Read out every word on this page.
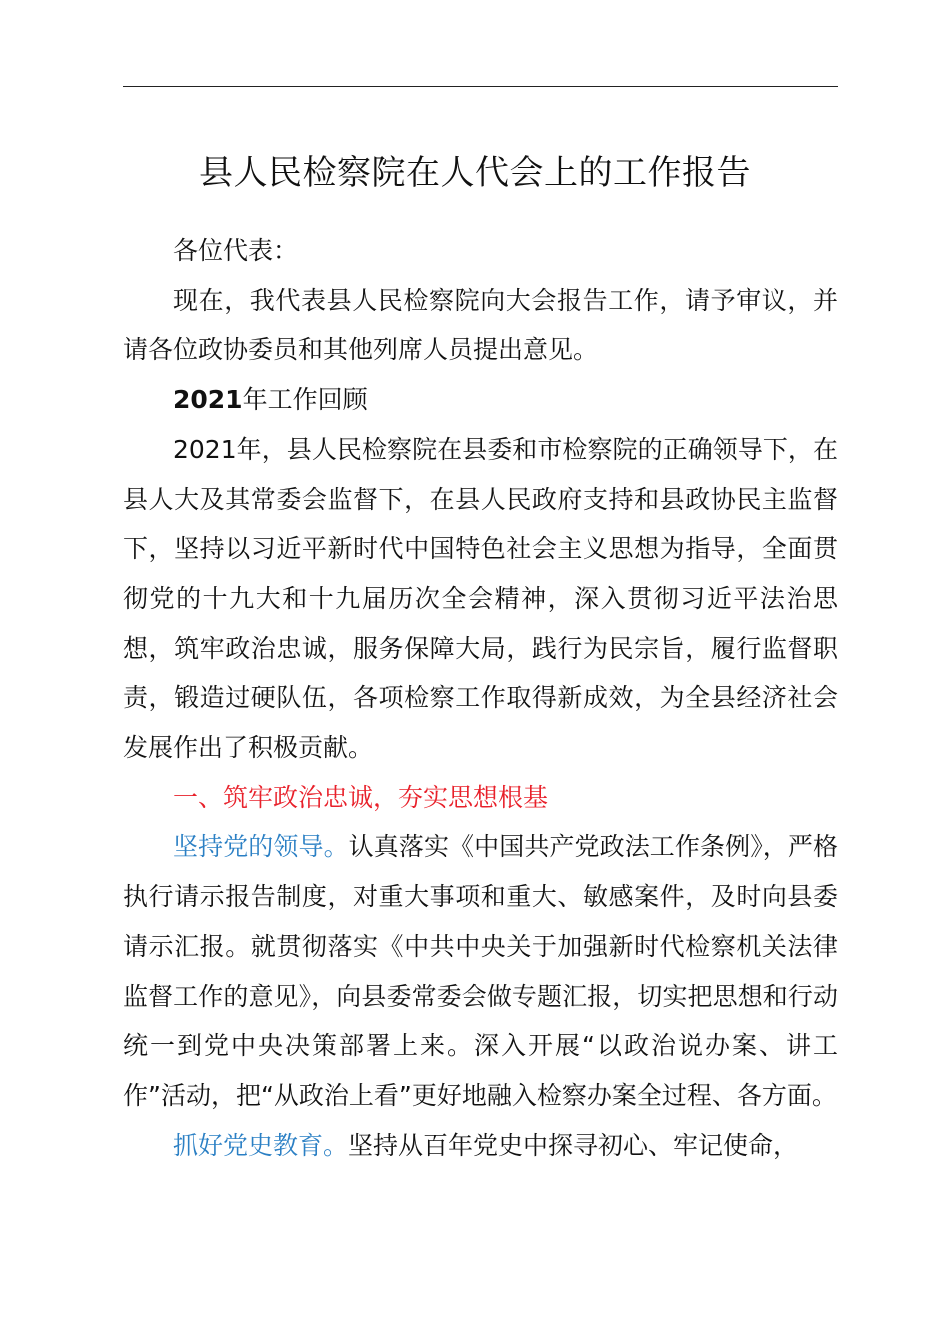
县人民检察院在人代会上的工作报告

各位代表：

现在，我代表县人民检察院向大会报告工作，请予审议，并请各位政协委员和其他列席人员提出意见。

2021年工作回顾

2021年，县人民检察院在县委和市检察院的正确领导下，在县人大及其常委会监督下，在县人民政府支持和县政协民主监督下，坚持以习近平新时代中国特色社会主义思想为指导，全面贯彻党的十九大和十九届历次全会精神，深入贯彻习近平法治思想，筑牢政治忠诚，服务保障大局，践行为民宗旨，履行监督职责，锻造过硬队伍，各项检察工作取得新成效，为全县经济社会发展作出了积极贡献。

一、筑牢政治忠诚，夯实思想根基

坚持党的领导。认真落实《中国共产党政法工作条例》，严格执行请示报告制度，对重大事项和重大、敏感案件，及时向县委请示汇报。就贯彻落实《中共中央关于加强新时代检察机关法律监督工作的意见》，向县委常委会做专题汇报，切实把思想和行动统一到党中央决策部署上来。深入开展“以政治说办案、讲工作”活动，把“从政治上看”更好地融入检察办案全过程、各方面。

抓好党史教育。坚持从百年党史中探寻初心、牢记使命，
